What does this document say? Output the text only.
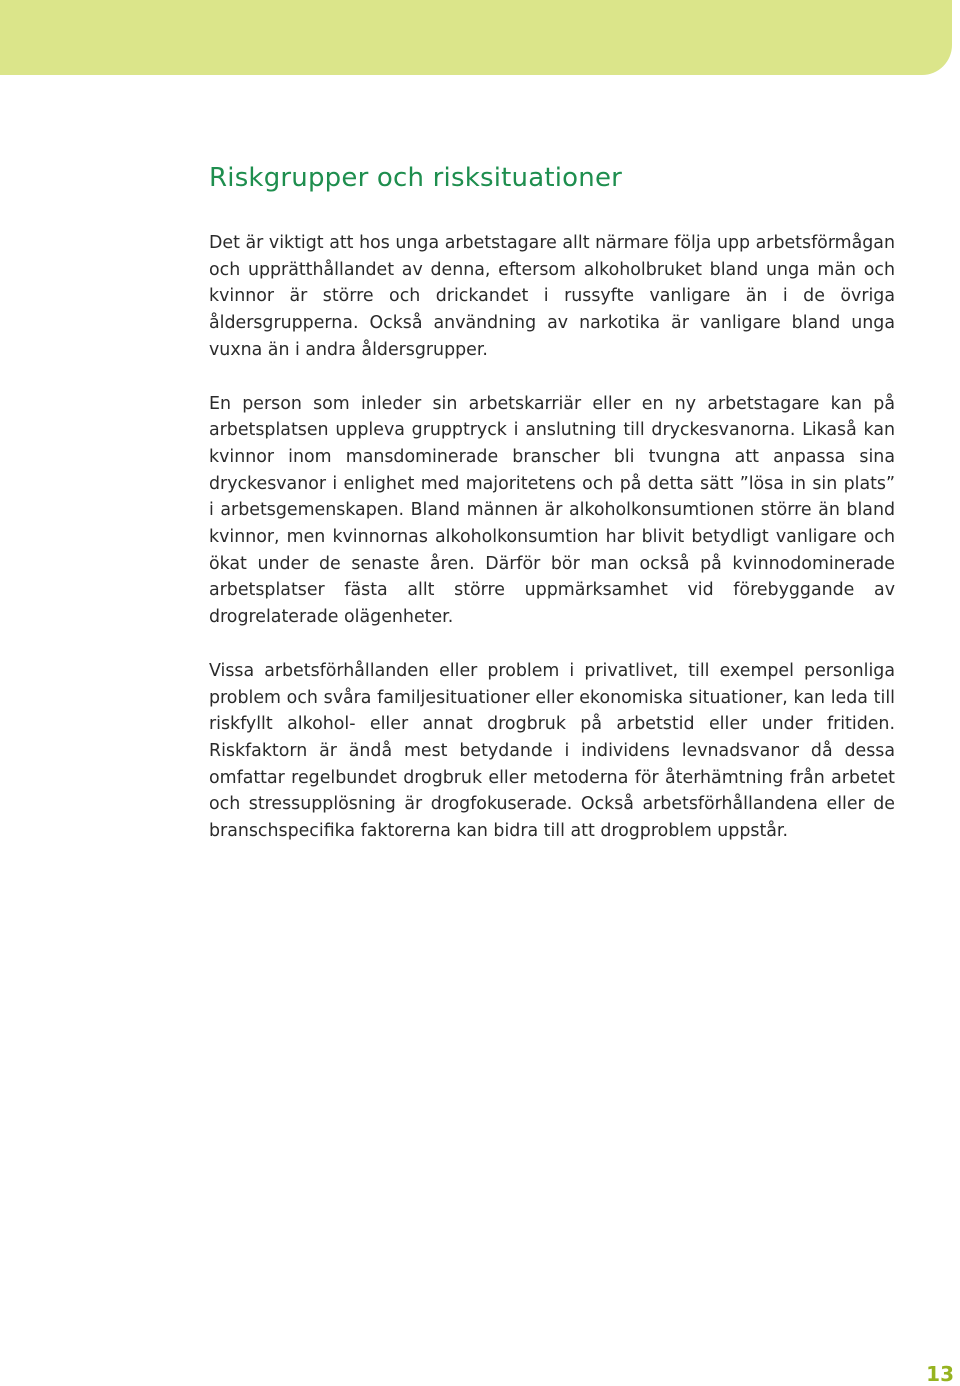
Riskgrupper och risksituationer

Det är viktigt att hos unga arbetstagare allt närmare följa upp arbetsförmågan och upprätthållandet av denna, eftersom alkoholbruket bland unga män och kvinnor är större och drickandet i russyfte vanligare än i de övriga åldersgrupperna. Också användning av narkotika är vanligare bland unga vuxna än i andra åldersgrupper.

En person som inleder sin arbetskarriär eller en ny arbetstagare kan på arbetsplatsen uppleva grupptryck i anslutning till dryckesvanorna. Likaså kan kvinnor inom mansdominerade branscher bli tvungna att anpassa sina dryckesvanor i enlighet med majoritetens och på detta sätt ”lösa in sin plats” i arbetsgemenskapen. Bland männen är alkoholkonsumtionen större än bland kvinnor, men kvinnornas alkoholkonsumtion har blivit betydligt vanligare och ökat under de senaste åren. Därför bör man också på kvinnodominerade arbetsplatser fästa allt större uppmärksamhet vid förebyggande av drogrelaterade olägenheter.

Vissa arbetsförhållanden eller problem i privatlivet, till exempel personliga problem och svåra familjesituationer eller ekonomiska situationer, kan leda till riskfyllt alkohol- eller annat drogbruk på arbetstid eller under fritiden. Riskfaktorn är ändå mest betydande i individens levnadsvanor då dessa omfattar regelbundet drogbruk eller metoderna för återhämtning från arbetet och stressupplösning är drogfokuserade. Också arbetsförhållandena eller de branschspecifika faktorerna kan bidra till att drogproblem uppstår.

13
